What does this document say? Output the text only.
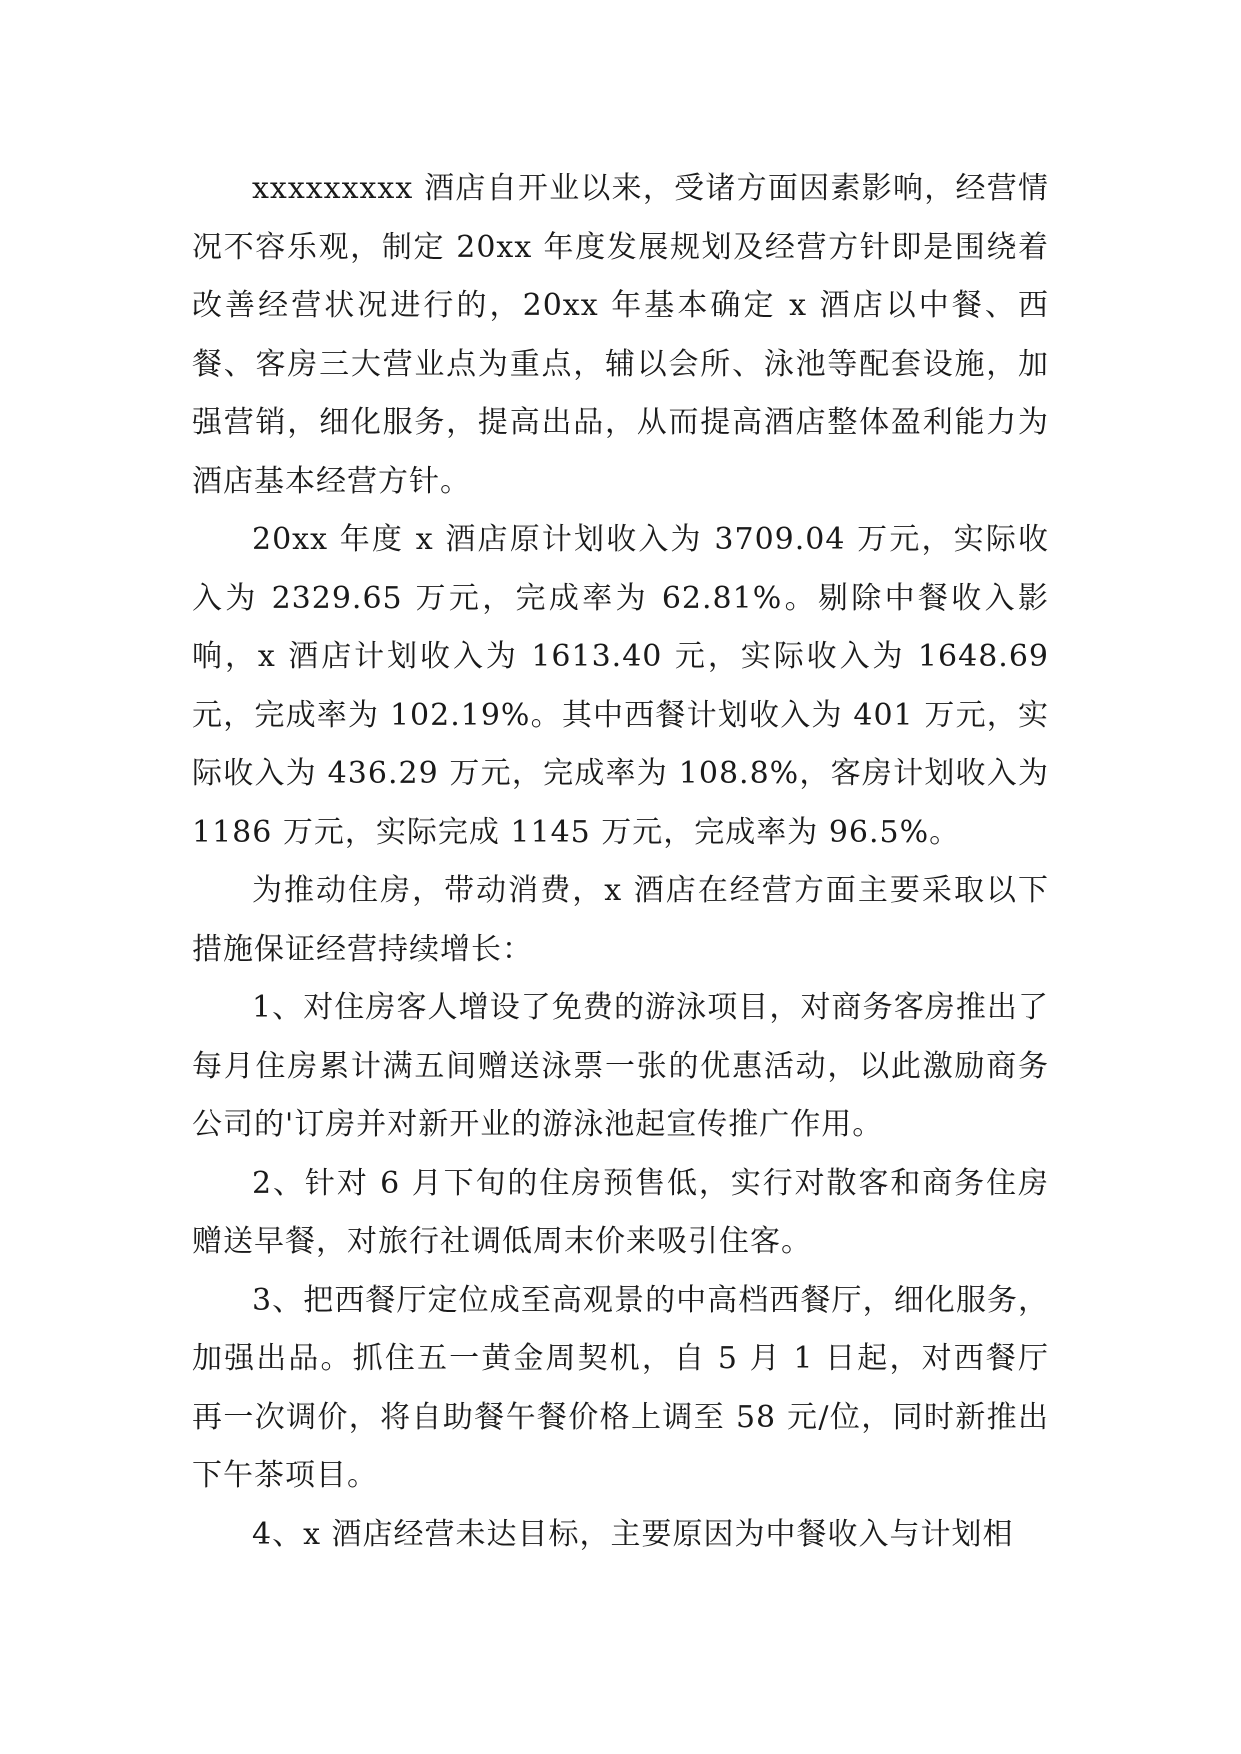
xxxxxxxxx 酒店自开业以来，受诸方面因素影响，经营情况不容乐观，制定 20xx 年度发展规划及经营方针即是围绕着改善经营状况进行的，20xx 年基本确定 x 酒店以中餐、西餐、客房三大营业点为重点，辅以会所、泳池等配套设施，加强营销，细化服务，提高出品，从而提高酒店整体盈利能力为酒店基本经营方针。

20xx 年度 x 酒店原计划收入为 3709.04 万元，实际收入为 2329.65 万元，完成率为 62.81%。剔除中餐收入影响，x 酒店计划收入为 1613.40 元，实际收入为 1648.69 元，完成率为 102.19%。其中西餐计划收入为 401 万元，实际收入为 436.29 万元，完成率为 108.8%，客房计划收入为 1186 万元，实际完成 1145 万元，完成率为 96.5%。

为推动住房，带动消费，x 酒店在经营方面主要采取以下措施保证经营持续增长：

1、对住房客人增设了免费的游泳项目，对商务客房推出了每月住房累计满五间赠送泳票一张的优惠活动，以此激励商务公司的'订房并对新开业的游泳池起宣传推广作用。

2、针对 6 月下旬的住房预售低，实行对散客和商务住房赠送早餐，对旅行社调低周末价来吸引住客。

3、把西餐厅定位成至高观景的中高档西餐厅，细化服务，加强出品。抓住五一黄金周契机，自 5 月 1 日起，对西餐厅再一次调价，将自助餐午餐价格上调至 58 元/位，同时新推出下午茶项目。

4、x 酒店经营未达目标，主要原因为中餐收入与计划相
